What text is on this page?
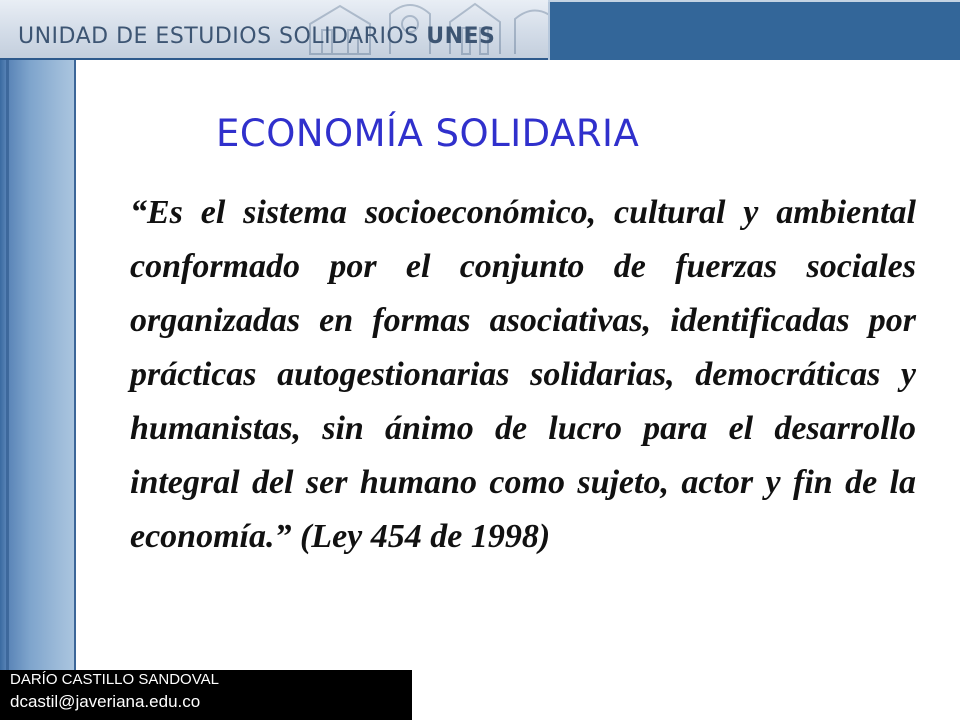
UNIDAD DE ESTUDIOS SOLIDARIOS UNES
ECONOMÍA SOLIDARIA

“Es el sistema socioeconómico, cultural y ambiental conformado por el conjunto de fuerzas sociales organizadas en formas asociativas, identificadas por prácticas autogestionarias solidarias, democráticas y humanistas, sin ánimo de lucro para el desarrollo integral del ser humano como sujeto, actor y fin de la economía.” (Ley 454 de 1998)

DARÍO CASTILLO SANDOVAL
dcastil@javeriana.edu.co
